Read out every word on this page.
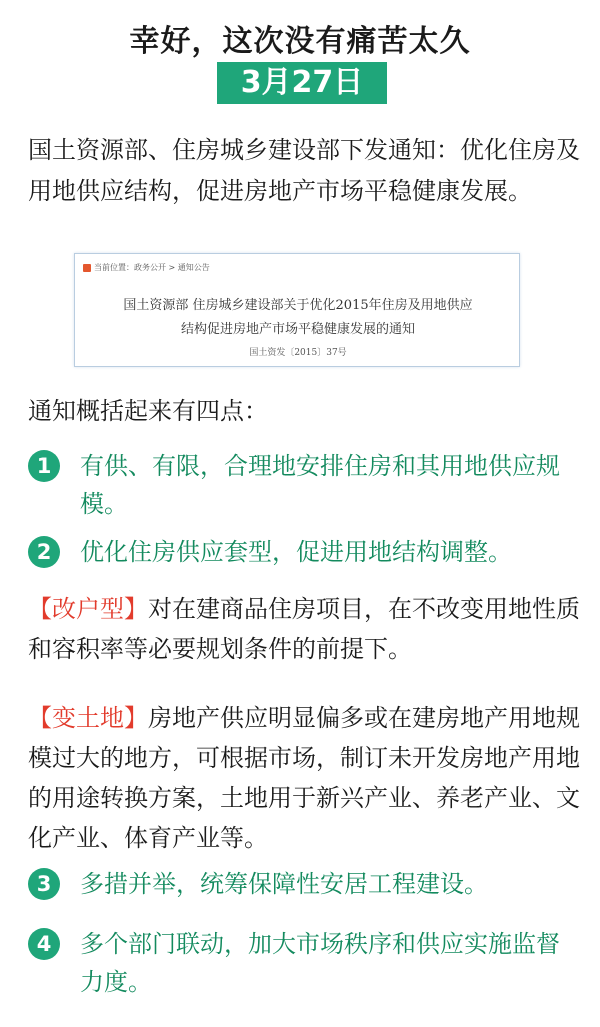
幸好，这次没有痛苦太久
3月27日
国土资源部、住房城乡建设部下发通知：优化住房及用地供应结构，促进房地产市场平稳健康发展。
当前位置：政务公开 > 通知公告
国土资源部 住房城乡建设部关于优化2015年住房及用地供应
结构促进房地产市场平稳健康发展的通知
国土资发〔2015〕37号
通知概括起来有四点：
1	有供、有限，合理地安排住房和其用地供应规模。
2	优化住房供应套型，促进用地结构调整。
【改户型】对在建商品住房项目，在不改变用地性质和容积率等必要规划条件的前提下。
【变土地】房地产供应明显偏多或在建房地产用地规模过大的地方，可根据市场，制订未开发房地产用地的用途转换方案，土地用于新兴产业、养老产业、文化产业、体育产业等。
3	多措并举，统筹保障性安居工程建设。
4	多个部门联动，加大市场秩序和供应实施监督力度。
